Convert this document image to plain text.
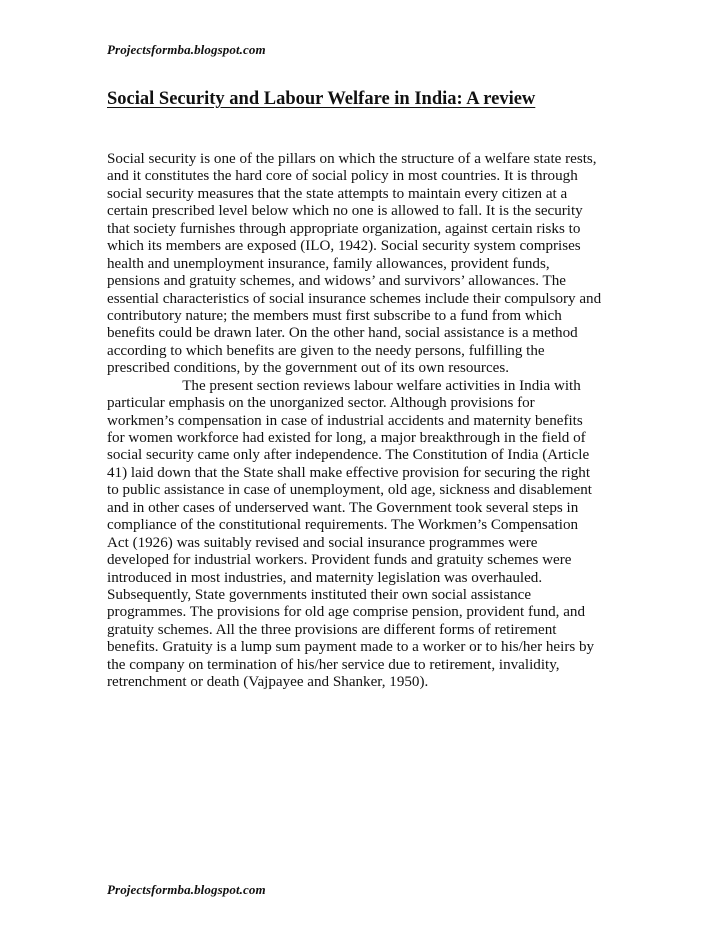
Projectsformba.blogspot.com
Social Security and Labour Welfare in India: A review
Social security is one of the pillars on which the structure of a welfare state rests,
and it constitutes the hard core of social policy in most countries. It is through
social security measures that the state attempts to maintain every citizen at a
certain prescribed level below which no one is allowed to fall. It is the security
that society furnishes through appropriate organization, against certain risks to
which its members are exposed (ILO, 1942). Social security system comprises
health and unemployment insurance, family allowances, provident funds,
pensions and gratuity schemes, and widows’ and survivors’ allowances. The
essential characteristics of social insurance schemes include their compulsory and
contributory nature; the members must first subscribe to a fund from which
benefits could be drawn later. On the other hand, social assistance is a method
according to which benefits are given to the needy persons, fulfilling the
prescribed conditions, by the government out of its own resources.
The present section reviews labour welfare activities in India with
particular emphasis on the unorganized sector. Although provisions for
workmen’s compensation in case of industrial accidents and maternity benefits
for women workforce had existed for long, a major breakthrough in the field of
social security came only after independence. The Constitution of India (Article
41) laid down that the State shall make effective provision for securing the right
to public assistance in case of unemployment, old age, sickness and disablement
and in other cases of underserved want. The Government took several steps in
compliance of the constitutional requirements. The Workmen’s Compensation
Act (1926) was suitably revised and social insurance programmes were
developed for industrial workers. Provident funds and gratuity schemes were
introduced in most industries, and maternity legislation was overhauled.
Subsequently, State governments instituted their own social assistance
programmes. The provisions for old age comprise pension, provident fund, and
gratuity schemes. All the three provisions are different forms of retirement
benefits. Gratuity is a lump sum payment made to a worker or to his/her heirs by
the company on termination of his/her service due to retirement, invalidity,
retrenchment or death (Vajpayee and Shanker, 1950).
Projectsformba.blogspot.com
